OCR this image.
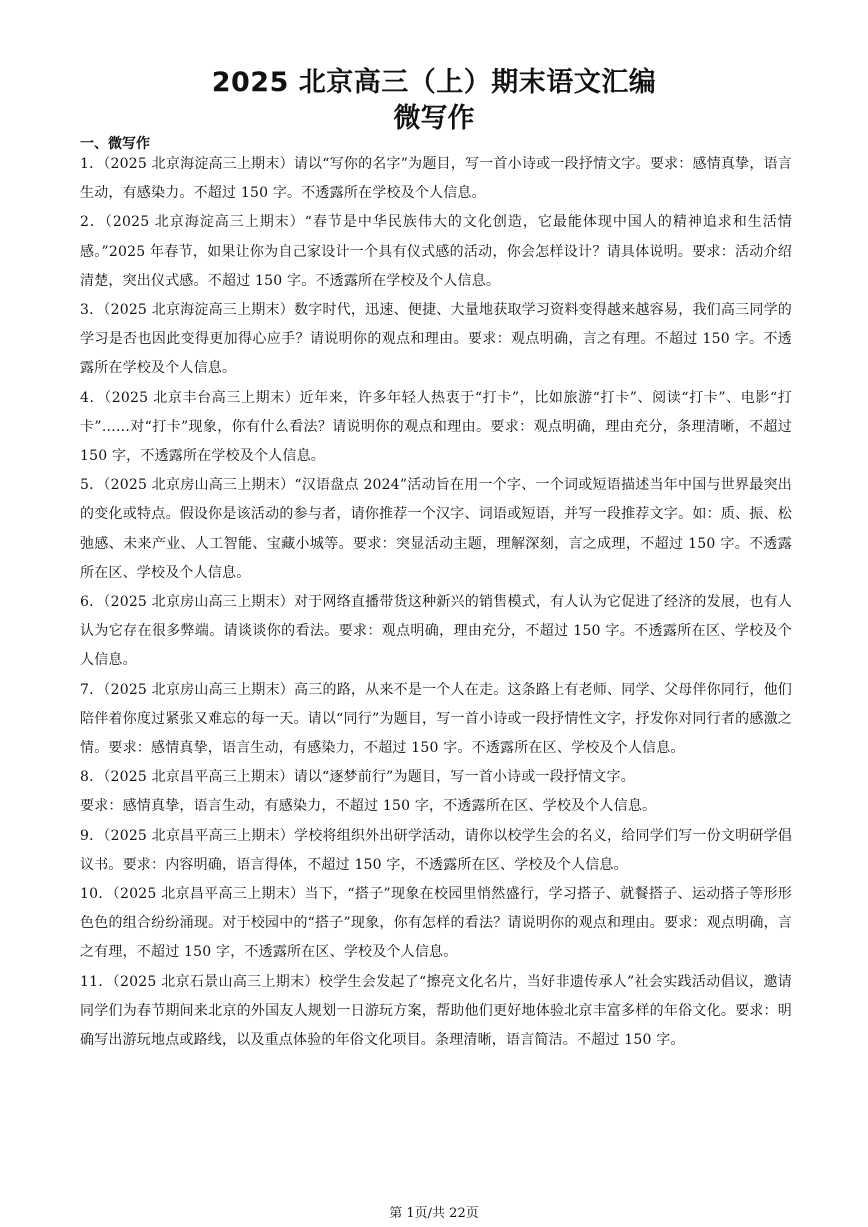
2025 北京高三（上）期末语文汇编
微写作
一、微写作

1．（2025 北京海淀高三上期末）请以“写你的名字”为题目，写一首小诗或一段抒情文字。要求：感情真挚，语言生动，有感染力。不超过 150 字。不透露所在学校及个人信息。

2．（2025 北京海淀高三上期末）“春节是中华民族伟大的文化创造，它最能体现中国人的精神追求和生活情感。”2025 年春节，如果让你为自己家设计一个具有仪式感的活动，你会怎样设计？请具体说明。要求：活动介绍清楚，突出仪式感。不超过 150 字。不透露所在学校及个人信息。

3．（2025 北京海淀高三上期末）数字时代，迅速、便捷、大量地获取学习资料变得越来越容易，我们高三同学的学习是否也因此变得更加得心应手？请说明你的观点和理由。要求：观点明确，言之有理。不超过 150 字。不透露所在学校及个人信息。

4．（2025 北京丰台高三上期末）近年来，许多年轻人热衷于“打卡”，比如旅游“打卡”、阅读“打卡”、电影“打卡”……对“打卡”现象，你有什么看法？请说明你的观点和理由。要求：观点明确，理由充分，条理清晰，不超过 150 字，不透露所在学校及个人信息。

5．（2025 北京房山高三上期末）“汉语盘点 2024”活动旨在用一个字、一个词或短语描述当年中国与世界最突出的变化或特点。假设你是该活动的参与者，请你推荐一个汉字、词语或短语，并写一段推荐文字。如：质、振、松弛感、未来产业、人工智能、宝藏小城等。要求：突显活动主题，理解深刻，言之成理，不超过 150 字。不透露所在区、学校及个人信息。

6．（2025 北京房山高三上期末）对于网络直播带货这种新兴的销售模式，有人认为它促进了经济的发展，也有人认为它存在很多弊端。请谈谈你的看法。要求：观点明确，理由充分，不超过 150 字。不透露所在区、学校及个人信息。

7．（2025 北京房山高三上期末）高三的路，从来不是一个人在走。这条路上有老师、同学、父母伴你同行，他们陪伴着你度过紧张又难忘的每一天。请以“同行”为题目，写一首小诗或一段抒情性文字，抒发你对同行者的感激之情。要求：感情真挚，语言生动，有感染力，不超过 150 字。不透露所在区、学校及个人信息。

8．（2025 北京昌平高三上期末）请以“逐梦前行”为题目，写一首小诗或一段抒情文字。

要求：感情真挚，语言生动，有感染力，不超过 150 字，不透露所在区、学校及个人信息。

9．（2025 北京昌平高三上期末）学校将组织外出研学活动，请你以校学生会的名义，给同学们写一份文明研学倡议书。要求：内容明确，语言得体，不超过 150 字，不透露所在区、学校及个人信息。

10．（2025 北京昌平高三上期末）当下，“搭子”现象在校园里悄然盛行，学习搭子、就餐搭子、运动搭子等形形色色的组合纷纷涌现。对于校园中的“搭子”现象，你有怎样的看法？请说明你的观点和理由。要求：观点明确，言之有理，不超过 150 字，不透露所在区、学校及个人信息。

11．（2025 北京石景山高三上期末）校学生会发起了“擦亮文化名片，当好非遗传承人”社会实践活动倡议，邀请同学们为春节期间来北京的外国友人规划一日游玩方案，帮助他们更好地体验北京丰富多样的年俗文化。要求：明确写出游玩地点或路线，以及重点体验的年俗文化项目。条理清晰，语言简洁。不超过 150 字。

第 1页/共 22页
